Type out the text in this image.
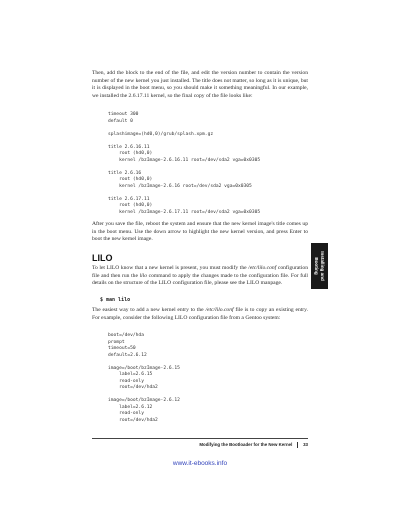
Then, add the block to the end of the file, and edit the version number to contain the version number of the new kernel you just installed. The title does not matter, so long as it is unique, but it is displayed in the boot menu, so you should make it something meaningful. In our example, we installed the 2.6.17.11 kernel, so the final copy of the file looks like:

timeout 300
default 0

splashimage=(hd0,0)/grub/splash.xpm.gz

title 2.6.16.11
root (hd0,0)
kernel /bzImage-2.6.16.11 root=/dev/sda2 vga=0x0305

title 2.6.16
root (hd0,0)
kernel /bzImage-2.6.16 root=/dev/sda2 vga=0x0305

title 2.6.17.11
root (hd0,0)
kernel /bzImage-2.6.17.11 root=/dev/sda2 vga=0x0305

After you save the file, reboot the system and ensure that the new kernel image's title comes up in the boot menu. Use the down arrow to highlight the new kernel version, and press Enter to boot the new kernel image.

LILO

To let LILO know that a new kernel is present, you must modify the /etc/lilo.conf configuration file and then run the lilo command to apply the changes made to the configuration file. For full details on the structure of the LILO configuration file, please see the LILO manpage.

$ man lilo

The easiest way to add a new kernel entry to the /etc/lilo.conf file is to copy an existing entry. For example, consider the following LILO configuration file from a Gentoo system:

boot=/dev/hda
prompt
timeout=50
default=2.6.12

image=/boot/bzImage-2.6.15
label=2.6.15
read-only
root=/dev/hda2

image=/boot/bzImage-2.6.12
label=2.6.12
read-only
root=/dev/hda2
Installing and Booting
Modifying the Bootloader for the New Kernel 33
www.it-ebooks.info
